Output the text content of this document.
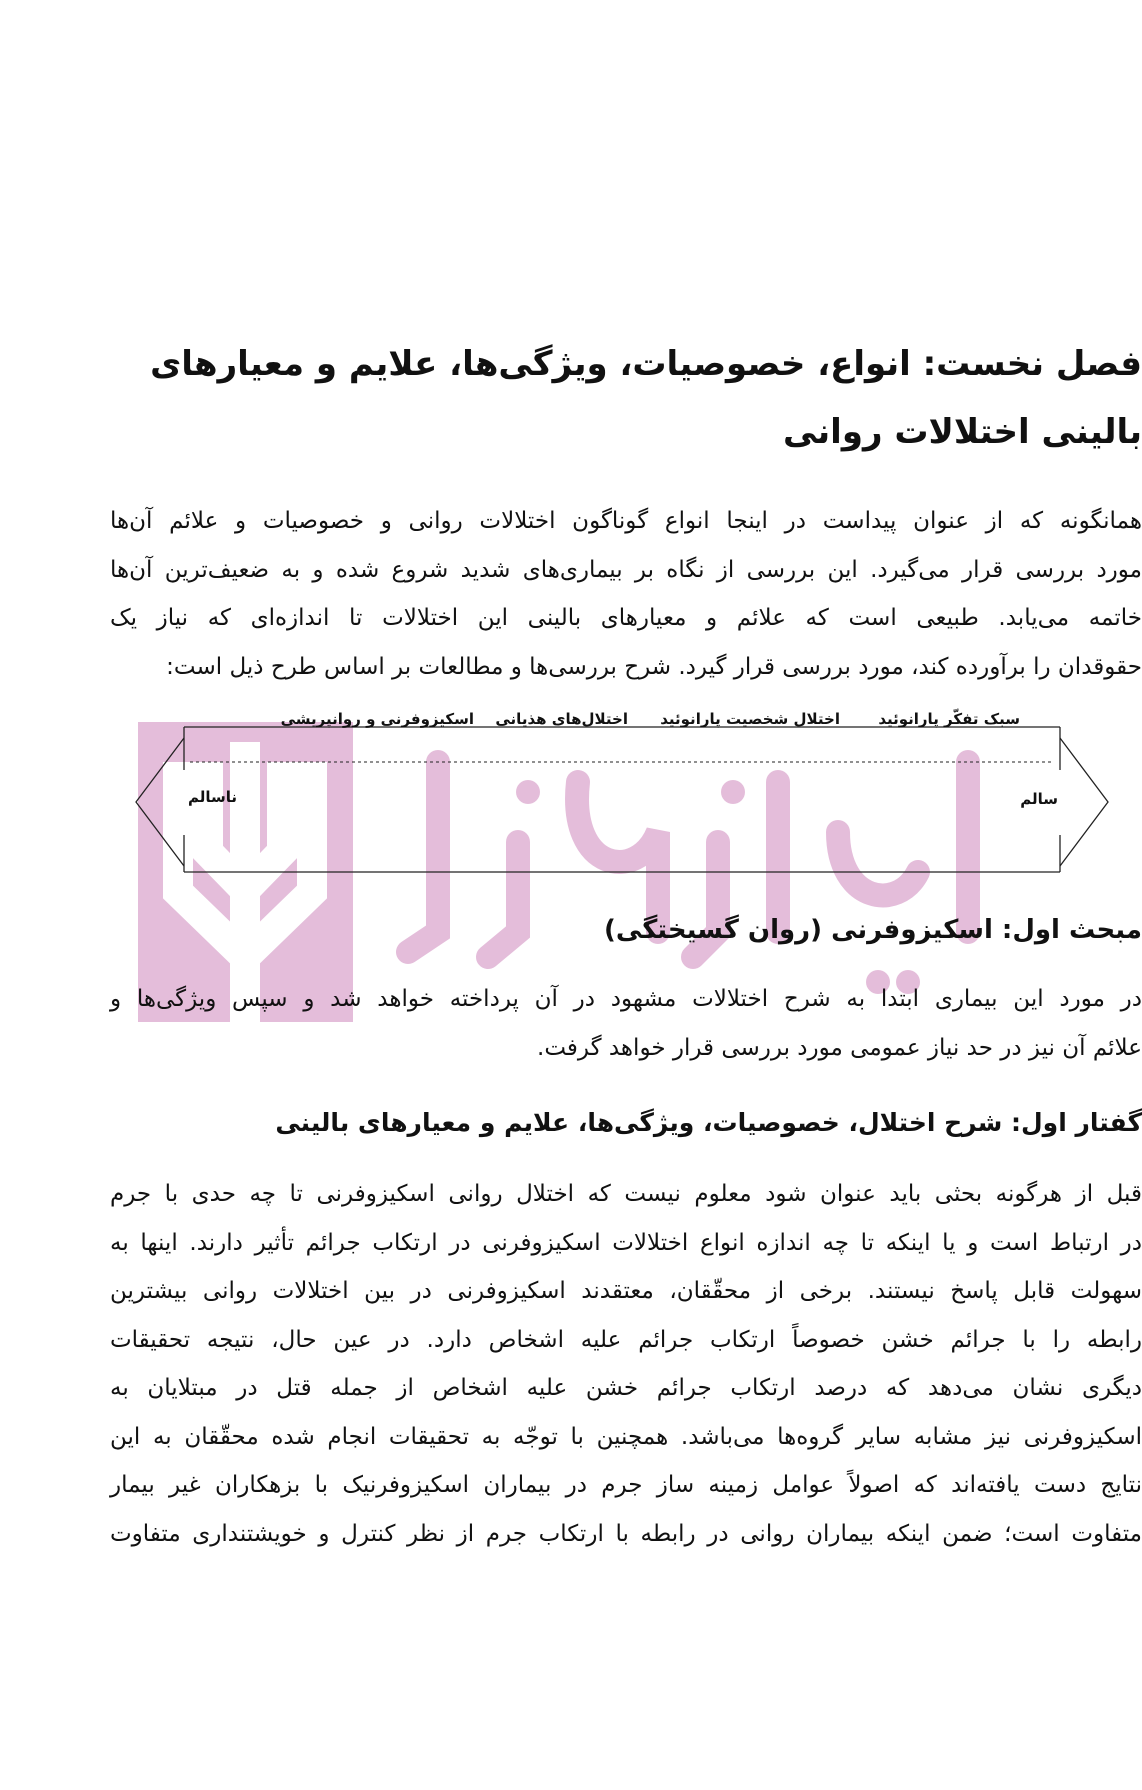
فصل نخست: انواع، خصوصیات، ویژگی‌ها، علایم و معیارهای بالینی اختلالات روانی
همانگونه که از عنوان پیداست در اینجا انواع گوناگون اختلالات روانی و خصوصیات و علائم آن‌ها
مورد بررسی قرار می‌گیرد. این بررسی از نگاه بر بیماری‌های شدید شروع شده و به ضعیف‌ترین آن‌ها
خاتمه می‌یابد. طبیعی است که علائم و معیارهای بالینی این اختلالات تا اندازه‌ای که نیاز یک
حقوقدان را برآورده کند، مورد بررسی قرار گیرد. شرح بررسی‌ها و مطالعات بر اساس طرح ذیل است:
سبک تفکّر پارانوئید
اختلال شخصیت پارانوئید
اختلال‌های هذیانی
اسکیزوفرنی و روانپریشی
ناسالم	سالم
مبحث اول: اسکیزوفرنی (روان گسیختگی)
در مورد این بیماری ابتدا به شرح اختلالات مشهود در آن پرداخته خواهد شد و سپس ویژگی‌ها و
علائم آن نیز در حد نیاز عمومی مورد بررسی قرار خواهد گرفت.
گفتار اول: شرح اختلال، خصوصیات، ویژگی‌ها، علایم و معیارهای بالینی
قبل از هرگونه بحثی باید عنوان شود معلوم نیست که اختلال روانی اسکیزوفرنی تا چه حدی با جرم
در ارتباط است و یا اینکه تا چه اندازه انواع اختلالات اسکیزوفرنی در ارتکاب جرائم تأثیر دارند. اینها به
سهولت قابل پاسخ نیستند. برخی از محقّقان، معتقدند اسکیزوفرنی در بین اختلالات روانی بیشترین
رابطه را با جرائم خشن خصوصاً ارتکاب جرائم علیه اشخاص دارد. در عین حال، نتیجه تحقیقات
دیگری نشان می‌دهد که درصد ارتکاب جرائم خشن علیه اشخاص از جمله قتل در مبتلایان به
اسکیزوفرنی نیز مشابه سایر گروه‌ها می‌باشد. همچنین با توجّه به تحقیقات انجام شده محقّقان به این
نتایج دست یافته‌اند که اصولاً عوامل زمینه ساز جرم در بیماران اسکیزوفرنیک با بزهکاران غیر بیمار
متفاوت است؛ ضمن اینکه بیماران روانی در رابطه با ارتکاب جرم از نظر کنترل و خویشتنداری متفاوت
